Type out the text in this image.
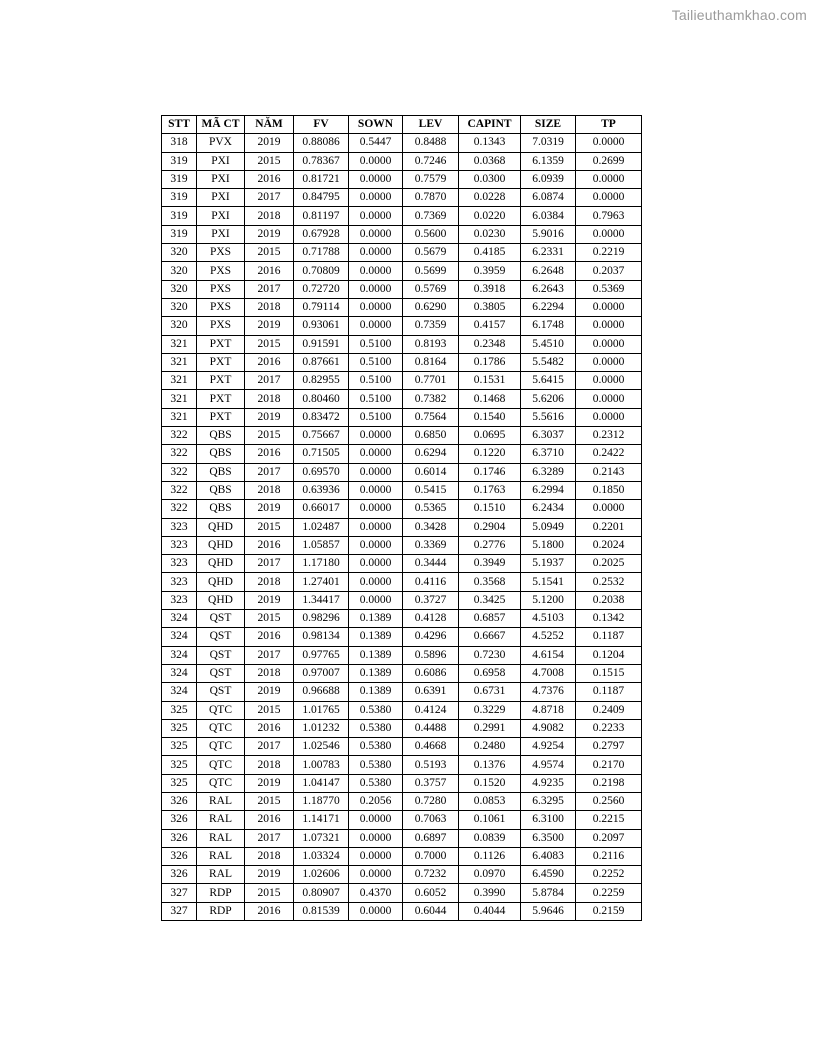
Tailieuthamkhao.com
STT	MÃ CT	NĂM	FV	SOWN	LEV	CAPINT	SIZE	TP
318	PVX	2019	0.88086	0.5447	0.8488	0.1343	7.0319	0.0000
319	PXI	2015	0.78367	0.0000	0.7246	0.0368	6.1359	0.2699
319	PXI	2016	0.81721	0.0000	0.7579	0.0300	6.0939	0.0000
319	PXI	2017	0.84795	0.0000	0.7870	0.0228	6.0874	0.0000
319	PXI	2018	0.81197	0.0000	0.7369	0.0220	6.0384	0.7963
319	PXI	2019	0.67928	0.0000	0.5600	0.0230	5.9016	0.0000
320	PXS	2015	0.71788	0.0000	0.5679	0.4185	6.2331	0.2219
320	PXS	2016	0.70809	0.0000	0.5699	0.3959	6.2648	0.2037
320	PXS	2017	0.72720	0.0000	0.5769	0.3918	6.2643	0.5369
320	PXS	2018	0.79114	0.0000	0.6290	0.3805	6.2294	0.0000
320	PXS	2019	0.93061	0.0000	0.7359	0.4157	6.1748	0.0000
321	PXT	2015	0.91591	0.5100	0.8193	0.2348	5.4510	0.0000
321	PXT	2016	0.87661	0.5100	0.8164	0.1786	5.5482	0.0000
321	PXT	2017	0.82955	0.5100	0.7701	0.1531	5.6415	0.0000
321	PXT	2018	0.80460	0.5100	0.7382	0.1468	5.6206	0.0000
321	PXT	2019	0.83472	0.5100	0.7564	0.1540	5.5616	0.0000
322	QBS	2015	0.75667	0.0000	0.6850	0.0695	6.3037	0.2312
322	QBS	2016	0.71505	0.0000	0.6294	0.1220	6.3710	0.2422
322	QBS	2017	0.69570	0.0000	0.6014	0.1746	6.3289	0.2143
322	QBS	2018	0.63936	0.0000	0.5415	0.1763	6.2994	0.1850
322	QBS	2019	0.66017	0.0000	0.5365	0.1510	6.2434	0.0000
323	QHD	2015	1.02487	0.0000	0.3428	0.2904	5.0949	0.2201
323	QHD	2016	1.05857	0.0000	0.3369	0.2776	5.1800	0.2024
323	QHD	2017	1.17180	0.0000	0.3444	0.3949	5.1937	0.2025
323	QHD	2018	1.27401	0.0000	0.4116	0.3568	5.1541	0.2532
323	QHD	2019	1.34417	0.0000	0.3727	0.3425	5.1200	0.2038
324	QST	2015	0.98296	0.1389	0.4128	0.6857	4.5103	0.1342
324	QST	2016	0.98134	0.1389	0.4296	0.6667	4.5252	0.1187
324	QST	2017	0.97765	0.1389	0.5896	0.7230	4.6154	0.1204
324	QST	2018	0.97007	0.1389	0.6086	0.6958	4.7008	0.1515
324	QST	2019	0.96688	0.1389	0.6391	0.6731	4.7376	0.1187
325	QTC	2015	1.01765	0.5380	0.4124	0.3229	4.8718	0.2409
325	QTC	2016	1.01232	0.5380	0.4488	0.2991	4.9082	0.2233
325	QTC	2017	1.02546	0.5380	0.4668	0.2480	4.9254	0.2797
325	QTC	2018	1.00783	0.5380	0.5193	0.1376	4.9574	0.2170
325	QTC	2019	1.04147	0.5380	0.3757	0.1520	4.9235	0.2198
326	RAL	2015	1.18770	0.2056	0.7280	0.0853	6.3295	0.2560
326	RAL	2016	1.14171	0.0000	0.7063	0.1061	6.3100	0.2215
326	RAL	2017	1.07321	0.0000	0.6897	0.0839	6.3500	0.2097
326	RAL	2018	1.03324	0.0000	0.7000	0.1126	6.4083	0.2116
326	RAL	2019	1.02606	0.0000	0.7232	0.0970	6.4590	0.2252
327	RDP	2015	0.80907	0.4370	0.6052	0.3990	5.8784	0.2259
327	RDP	2016	0.81539	0.0000	0.6044	0.4044	5.9646	0.2159
